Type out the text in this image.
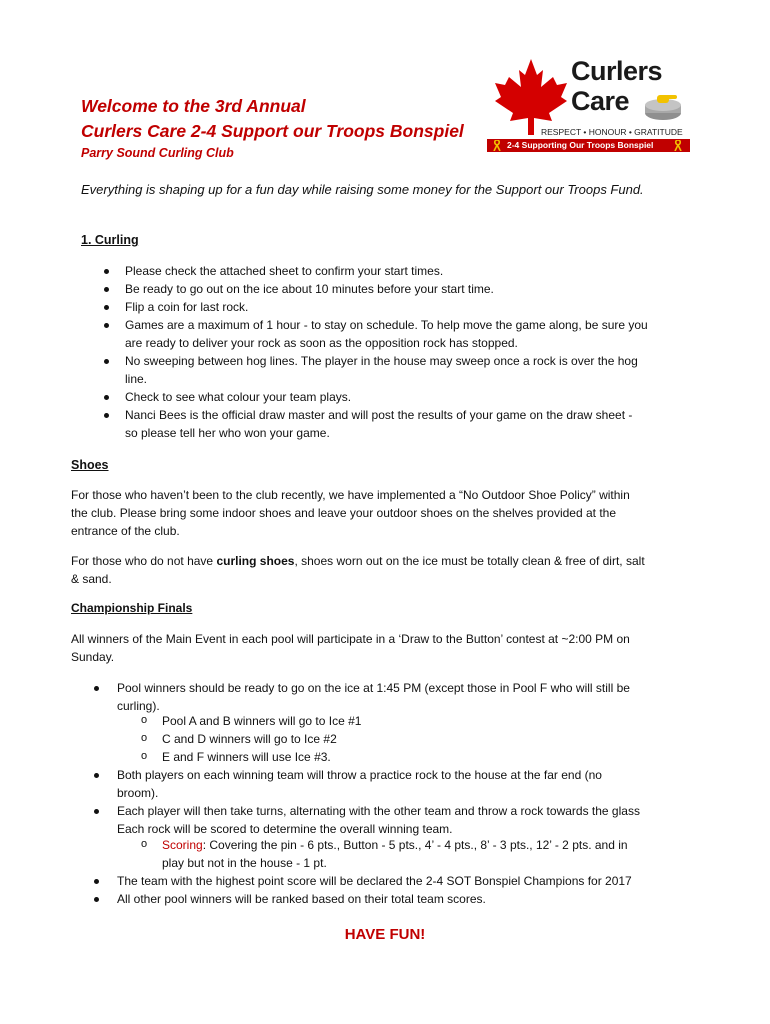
Welcome to the 3rd Annual
Curlers Care 2-4 Support our Troops Bonspiel
Parry Sound Curling Club
Curlers
Care
RESPECT • HONOUR • GRATITUDE
2-4 Supporting Our Troops Bonspiel
Everything is shaping up for a fun day while raising some money for the Support our Troops Fund.
1. Curling
Please check the attached sheet to confirm your start times.
Be ready to go out on the ice about 10 minutes before your start time.
Flip a coin for last rock.
Games are a maximum of 1 hour - to stay on schedule. To help move the game along, be sure you
are ready to deliver your rock as soon as the opposition rock has stopped.
No sweeping between hog lines. The player in the house may sweep once a rock is over the hog
line.
Check to see what colour your team plays.
Nanci Bees is the official draw master and will post the results of your game on the draw sheet -
so please tell her who won your game.
Shoes
For those who haven’t been to the club recently, we have implemented a “No Outdoor Shoe Policy” within
the club. Please bring some indoor shoes and leave your outdoor shoes on the shelves provided at the
entrance of the club.
For those who do not have curling shoes, shoes worn out on the ice must be totally clean & free of dirt, salt
& sand.
Championship Finals
All winners of the Main Event in each pool will participate in a ‘Draw to the Button’ contest at ~2:00 PM on
Sunday.
Pool winners should be ready to go on the ice at 1:45 PM (except those in Pool F who will still be
curling).
o Pool A and B winners will go to Ice #1
o C and D winners will go to Ice #2
o E and F winners will use Ice #3.
Both players on each winning team will throw a practice rock to the house at the far end (no
broom).
Each player will then take turns, alternating with the other team and throw a rock towards the glass
Each rock will be scored to determine the overall winning team.
o Scoring: Covering the pin - 6 pts., Button - 5 pts., 4’ - 4 pts., 8’ - 3 pts., 12’ - 2 pts. and in
play but not in the house - 1 pt.
The team with the highest point score will be declared the 2-4 SOT Bonspiel Champions for 2017
All other pool winners will be ranked based on their total team scores.
HAVE FUN!
